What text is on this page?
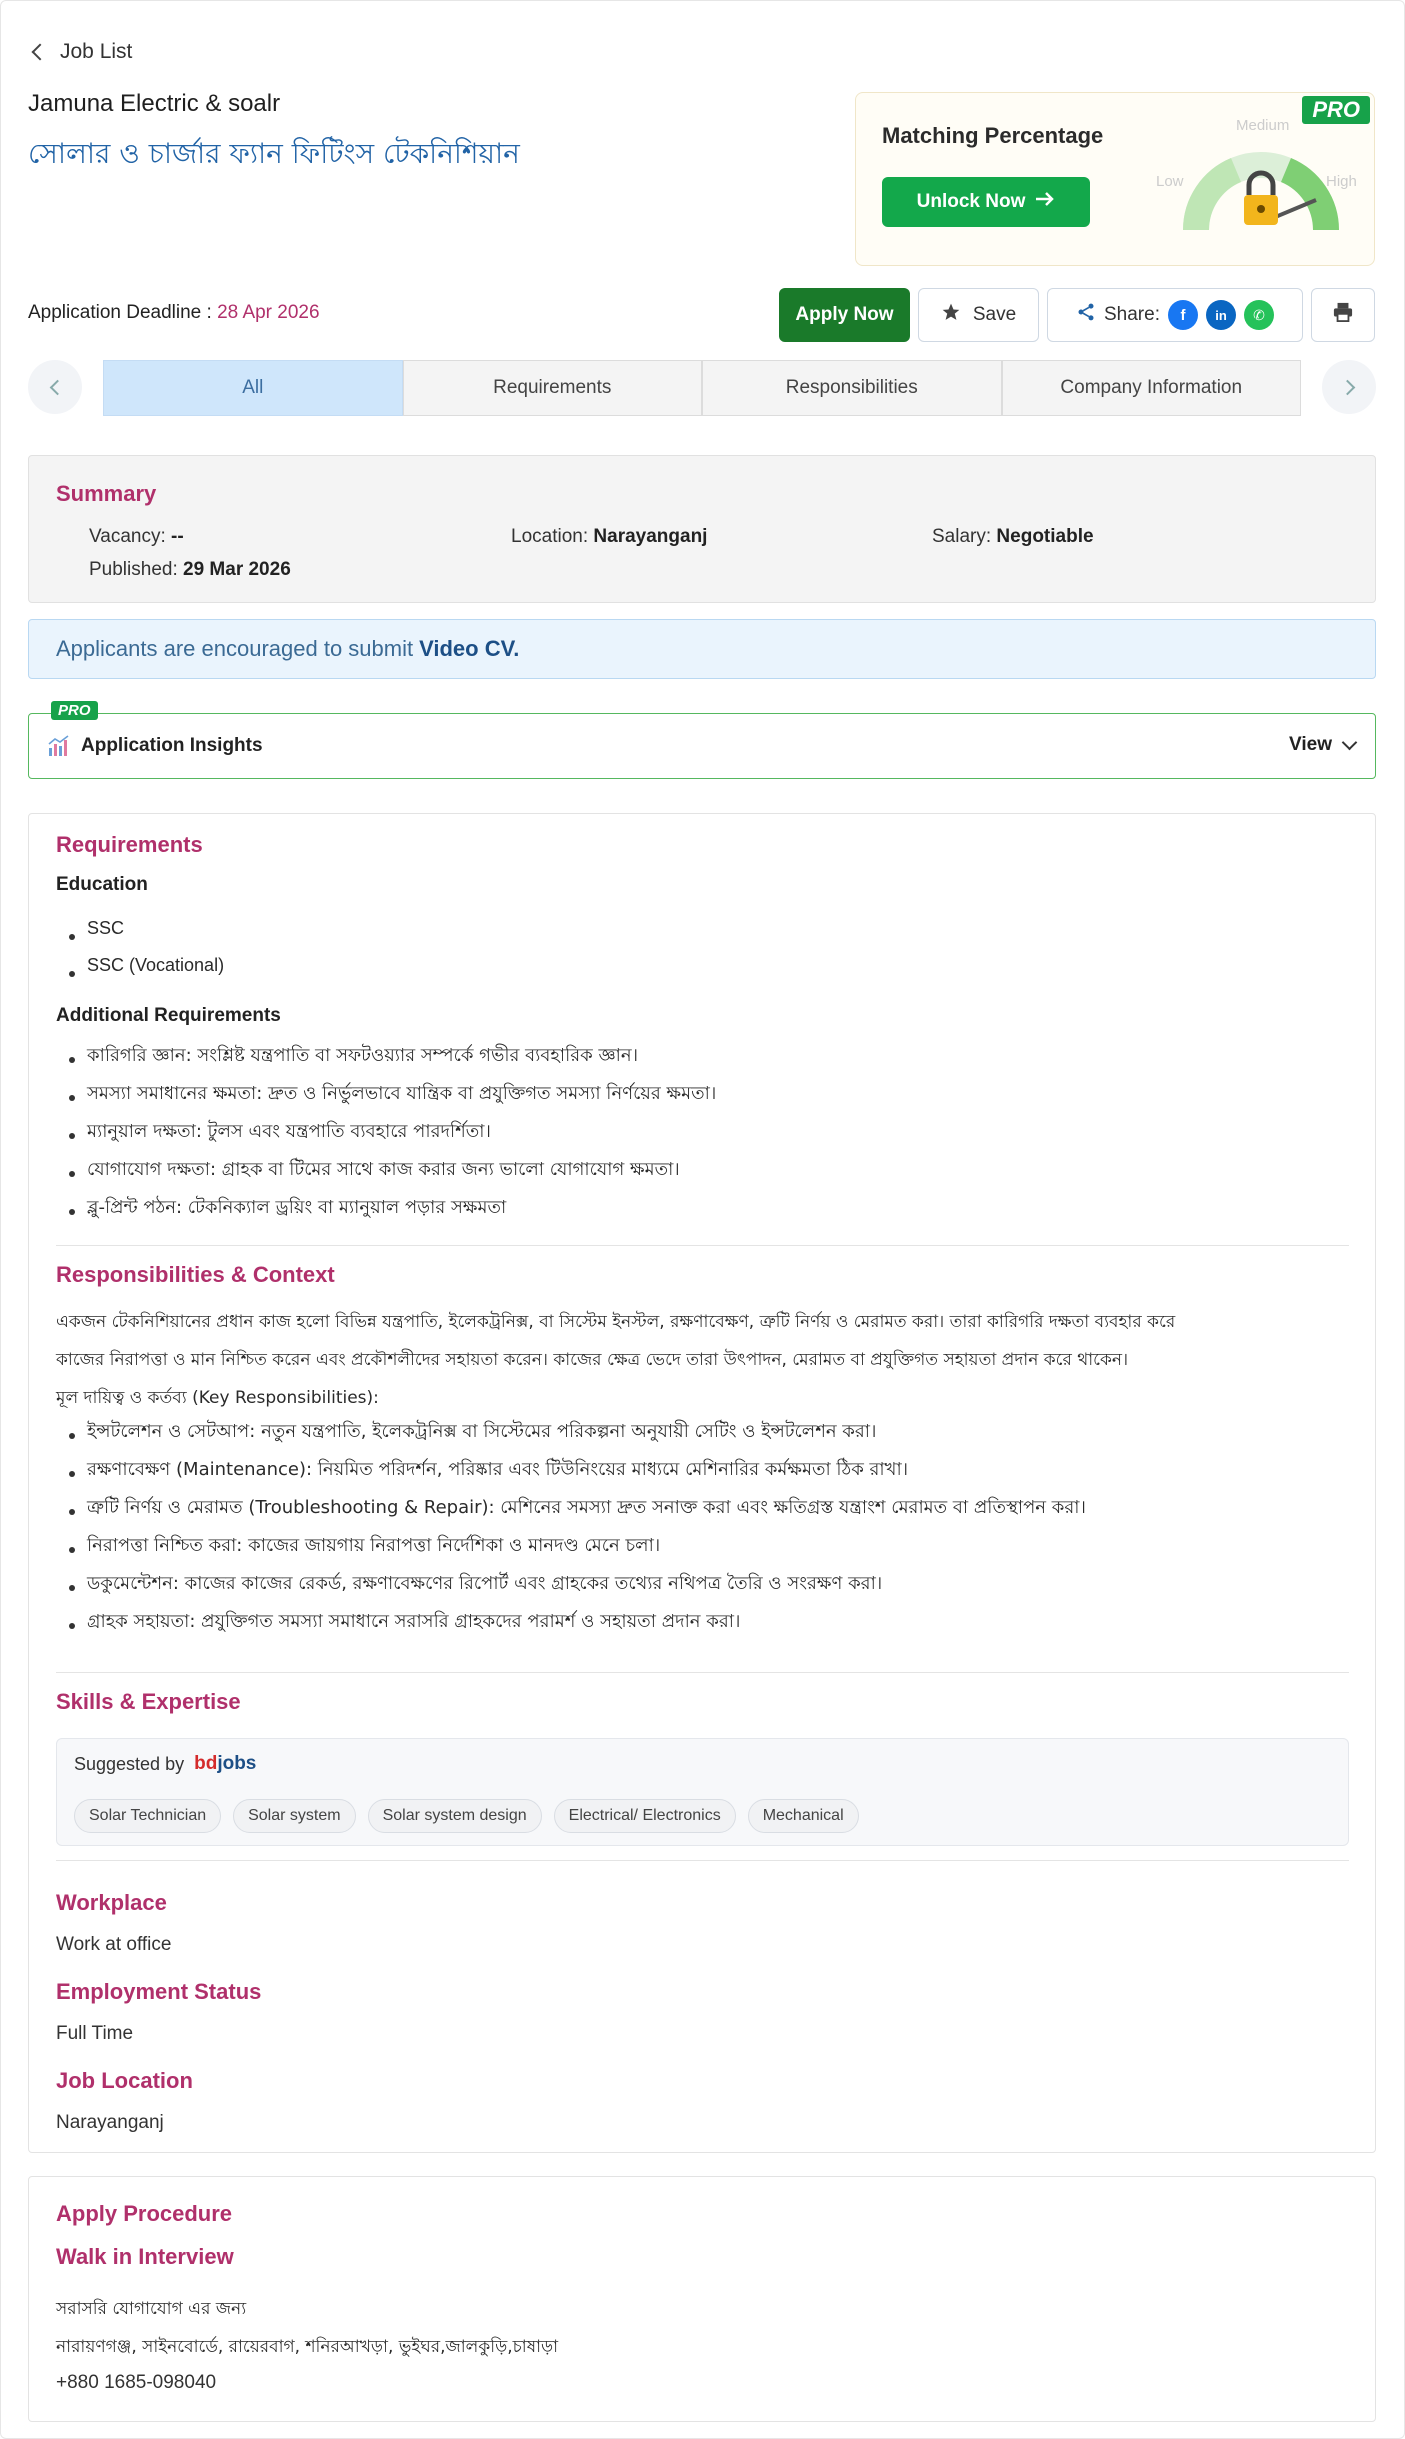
Job List
Jamuna Electric & soalr
সোলার ও চার্জার ফ্যান ফিটিংস টেকনিশিয়ান
PRO
Matching Percentage
Unlock Now
Medium
Low	High
Application Deadline : 28 Apr 2026	Apply Now	Save	Share:	f	in	✆
All	Requirements	Responsibilities	Company Information
Summary
Vacancy: --	Location: Narayanganj	Salary: Negotiable
Published: 29 Mar 2026
Applicants are encouraged to submit Video CV.
PRO
Application Insights	View
Requirements
Education
SSC
SSC (Vocational)
Additional Requirements
কারিগরি জ্ঞান: সংশ্লিষ্ট যন্ত্রপাতি বা সফটওয়্যার সম্পর্কে গভীর ব্যবহারিক জ্ঞান।
সমস্যা সমাধানের ক্ষমতা: দ্রুত ও নির্ভুলভাবে যান্ত্রিক বা প্রযুক্তিগত সমস্যা নির্ণয়ের ক্ষমতা।
ম্যানুয়াল দক্ষতা: টুলস এবং যন্ত্রপাতি ব্যবহারে পারদর্শিতা।
যোগাযোগ দক্ষতা: গ্রাহক বা টিমের সাথে কাজ করার জন্য ভালো যোগাযোগ ক্ষমতা।
ব্লু-প্রিন্ট পঠন: টেকনিক্যাল ড্রয়িং বা ম্যানুয়াল পড়ার সক্ষমতা
Responsibilities & Context
একজন টেকনিশিয়ানের প্রধান কাজ হলো বিভিন্ন যন্ত্রপাতি, ইলেকট্রনিক্স, বা সিস্টেম ইনস্টল, রক্ষণাবেক্ষণ, ত্রুটি নির্ণয় ও মেরামত করা। তারা কারিগরি দক্ষতা ব্যবহার করে
কাজের নিরাপত্তা ও মান নিশ্চিত করেন এবং প্রকৌশলীদের সহায়তা করেন। কাজের ক্ষেত্র ভেদে তারা উৎপাদন, মেরামত বা প্রযুক্তিগত সহায়তা প্রদান করে থাকেন।
মূল দায়িত্ব ও কর্তব্য (Key Responsibilities):
ইন্সটলেশন ও সেটআপ: নতুন যন্ত্রপাতি, ইলেকট্রনিক্স বা সিস্টেমের পরিকল্পনা অনুযায়ী সেটিং ও ইন্সটলেশন করা।
রক্ষণাবেক্ষণ (Maintenance): নিয়মিত পরিদর্শন, পরিষ্কার এবং টিউনিংয়ের মাধ্যমে মেশিনারির কর্মক্ষমতা ঠিক রাখা।
ত্রুটি নির্ণয় ও মেরামত (Troubleshooting & Repair): মেশিনের সমস্যা দ্রুত সনাক্ত করা এবং ক্ষতিগ্রস্ত যন্ত্রাংশ মেরামত বা প্রতিস্থাপন করা।
নিরাপত্তা নিশ্চিত করা: কাজের জায়গায় নিরাপত্তা নির্দেশিকা ও মানদণ্ড মেনে চলা।
ডকুমেন্টেশন: কাজের কাজের রেকর্ড, রক্ষণাবেক্ষণের রিপোর্ট এবং গ্রাহকের তথ্যের নথিপত্র তৈরি ও সংরক্ষণ করা।
গ্রাহক সহায়তা: প্রযুক্তিগত সমস্যা সমাধানে সরাসরি গ্রাহকদের পরামর্শ ও সহায়তা প্রদান করা।
Skills & Expertise
Suggested by bdjobs
Solar Technician	Solar system	Solar system design	Electrical/ Electronics	Mechanical
Workplace
Work at office
Employment Status
Full Time
Job Location
Narayanganj
Apply Procedure
Walk in Interview
সরাসরি যোগাযোগ এর জন্য
নারায়ণগঞ্জ, সাইনবোর্ডে, রায়েরবাগ, শনিরআখড়া, ভুইঘর,জালকুড়ি,চাষাড়া
+880 1685-098040
